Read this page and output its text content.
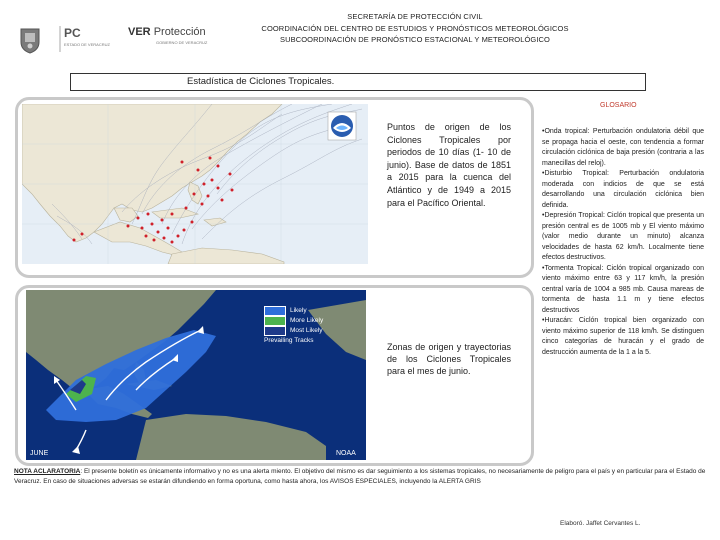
PC
ESTADO DE VERACRUZ
VER Protección
GOBIERNO DE VERACRUZ
SECRETARÍA DE PROTECCIÓN CIVIL
COORDINACIÓN DEL CENTRO DE ESTUDIOS Y PRONÓSTICOS METEOROLÓGICOS
SUBCOORDINACIÓN DE PRONÓSTICO ESTACIONAL Y METEOROLÓGICO
Estadística de Ciclones Tropicales.
GLOSARIO
Puntos de origen de los Ciclones Tropicales por periodos de 10 días (1- 10 de junio). Base de datos de 1851 a 2015 para la cuenca del Atlántico y de 1949 a 2015 para el Pacífico Oriental.
Likely
More Likely
Most Likely
Prevailing Tracks
JUNE	NOAA
Zonas de origen y trayectorias de los Ciclones Tropicales para el mes de junio.

•Onda tropical: Perturbación ondulatoria débil que se propaga hacia el oeste, con tendencia a formar circulación ciclónica de baja presión (contraria a las manecillas del reloj).

•Disturbio Tropical: Perturbación ondulatoria moderada con indicios de que se está desarrollando una circulación ciclónica bien definida.

•Depresión Tropical: Ciclón tropical que presenta un presión central es de 1005 mb y El viento máximo (valor medio durante un minuto) alcanza velocidades de hasta 62 km/h. Localmente tiene efectos destructivos.

•Tormenta Tropical: Ciclón tropical organizado con viento máximo entre 63 y 117 km/h, la presión central varía de 1004 a 985 mb. Causa mareas de tormenta de hasta 1.1 m y tiene efectos destructivos

•Huracán: Ciclón tropical bien organizado con viento máximo superior de 118 km/h. Se distinguen cinco categorías de huracán y el grado de destrucción aumenta de la 1 a la 5.

NOTA ACLARATORIA: El presente boletín es únicamente informativo y no es una alerta miento. El objetivo del mismo es dar seguimiento a los sistemas tropicales, no necesariamente de peligro para el país y en particular para el Estado de Veracruz. En caso de situaciones adversas se estarán difundiendo en forma oportuna, como hasta ahora, los AVISOS ESPECIALES, incluyendo la ALERTA GRIS
Elaboró. Jaffet Cervantes L.
